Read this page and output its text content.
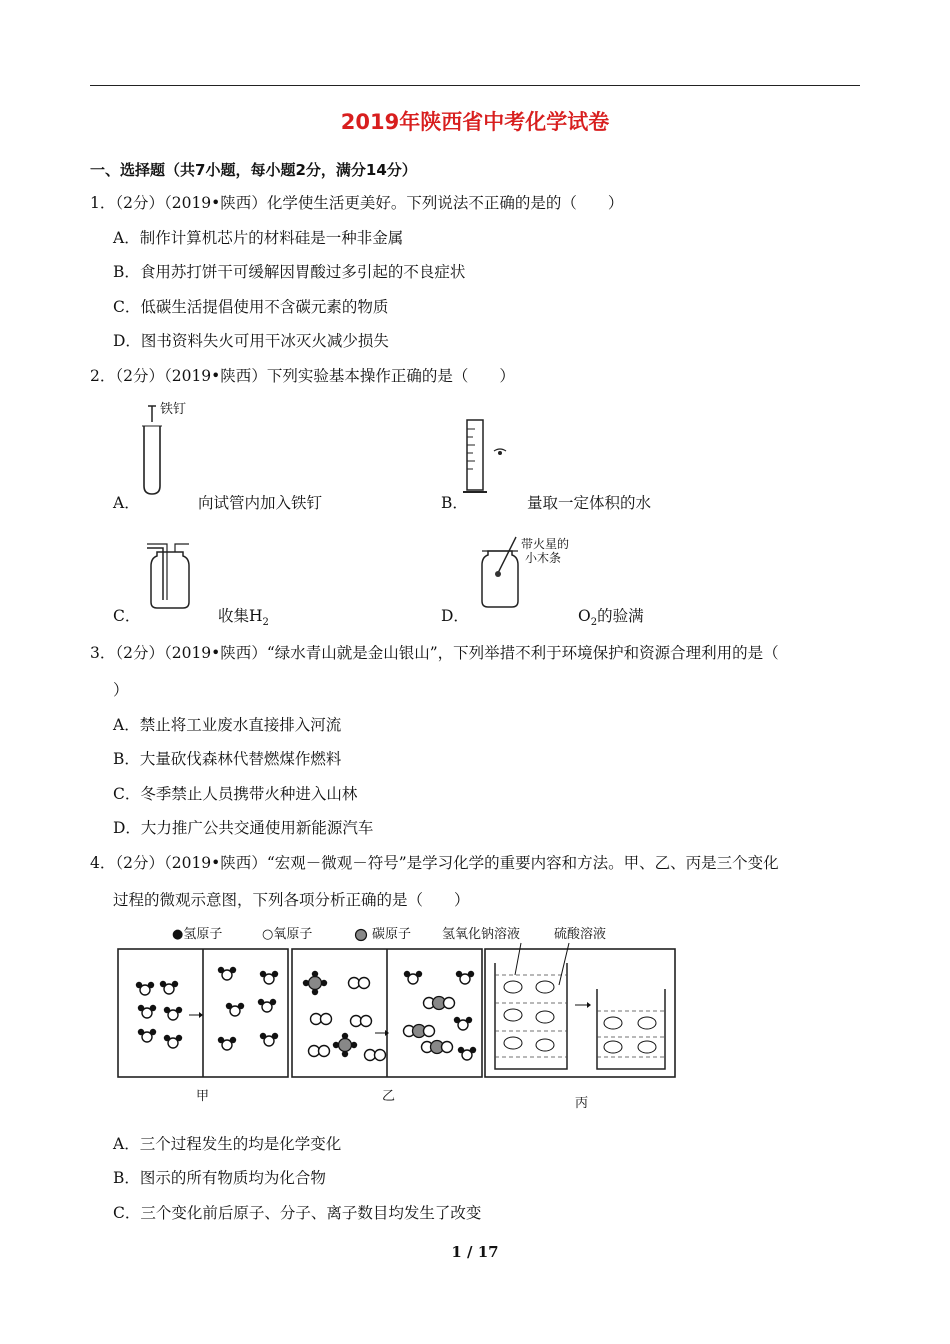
2019年陕西省中考化学试卷
一、选择题（共7小题，每小题2分，满分14分）
1．（2分）（2019•陕西）化学使生活更美好。下列说法不正确的是的（　　）
A．制作计算机芯片的材料硅是一种非金属
B．食用苏打饼干可缓解因胃酸过多引起的不良症状
C．低碳生活提倡使用不含碳元素的物质
D．图书资料失火可用干冰灭火减少损失
2．（2分）（2019•陕西）下列实验基本操作正确的是（　　）
铁钉
A．	向试管内加入铁钉	B．	量取一定体积的水
C．	收集$H_2$
带火星的
小木条
D．	$O_2$的验满
3．（2分）（2019•陕西）“绿水青山就是金山银山”，下列举措不利于环境保护和资源合理利用的是（
）
A．禁止将工业废水直接排入河流
B．大量砍伐森林代替燃煤作燃料
C．冬季禁止人员携带火种进入山林
D．大力推广公共交通使用新能源汽车
4．（2分）（2019•陕西）“宏观－微观－符号”是学习化学的重要内容和方法。甲、乙、丙是三个变化
过程的微观示意图，下列各项分析正确的是（　　）
●氢原子	○氧原子	碳原子 氢氧化钠溶液	硫酸溶液
甲	乙	丙
A．三个过程发生的均是化学变化
B．图示的所有物质均为化合物
C．三个变化前后原子、分子、离子数目均发生了改变
1 / 17
